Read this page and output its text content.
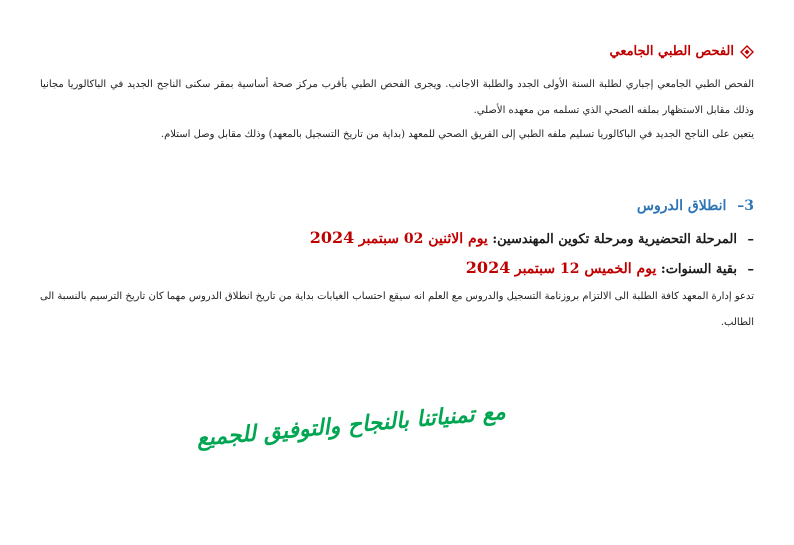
الفحص الطبي الجامعي
الفحص الطبي الجامعي إجباري لطلبة السنة الأولى الجدد والطلبة الاجانب. ويجرى الفحص الطبي بأقرب مركز صحة أساسية بمقر سكنى الناجح الجديد في الباكالوريا مجانيا وذلك مقابل الاستظهار بملفه الصحي الذي تسلمه من معهده الأصلي.
يتعين على الناجح الجديد في الباكالوريا تسليم ملفه الطبي إلى الفريق الصحي للمعهد (بداية من تاريخ التسجيل بالمعهد) وذلك مقابل وصل استلام.
3– انطلاق الدروس
– المرحلة التحضيرية ومرحلة تكوين المهندسين: يوم الاثنين 02 سبتمبر 2024
– بقية السنوات: يوم الخميس 12 سبتمبر 2024
تدعو إدارة المعهد كافة الطلبة الى الالتزام بروزنامة التسجيل والدروس مع العلم انه سيقع احتساب الغيابات بداية من تاريخ انطلاق الدروس مهما كان تاريخ الترسيم بالنسبة الى الطالب.
مع تمنياتنا بالنجاح والتوفيق للجميع
